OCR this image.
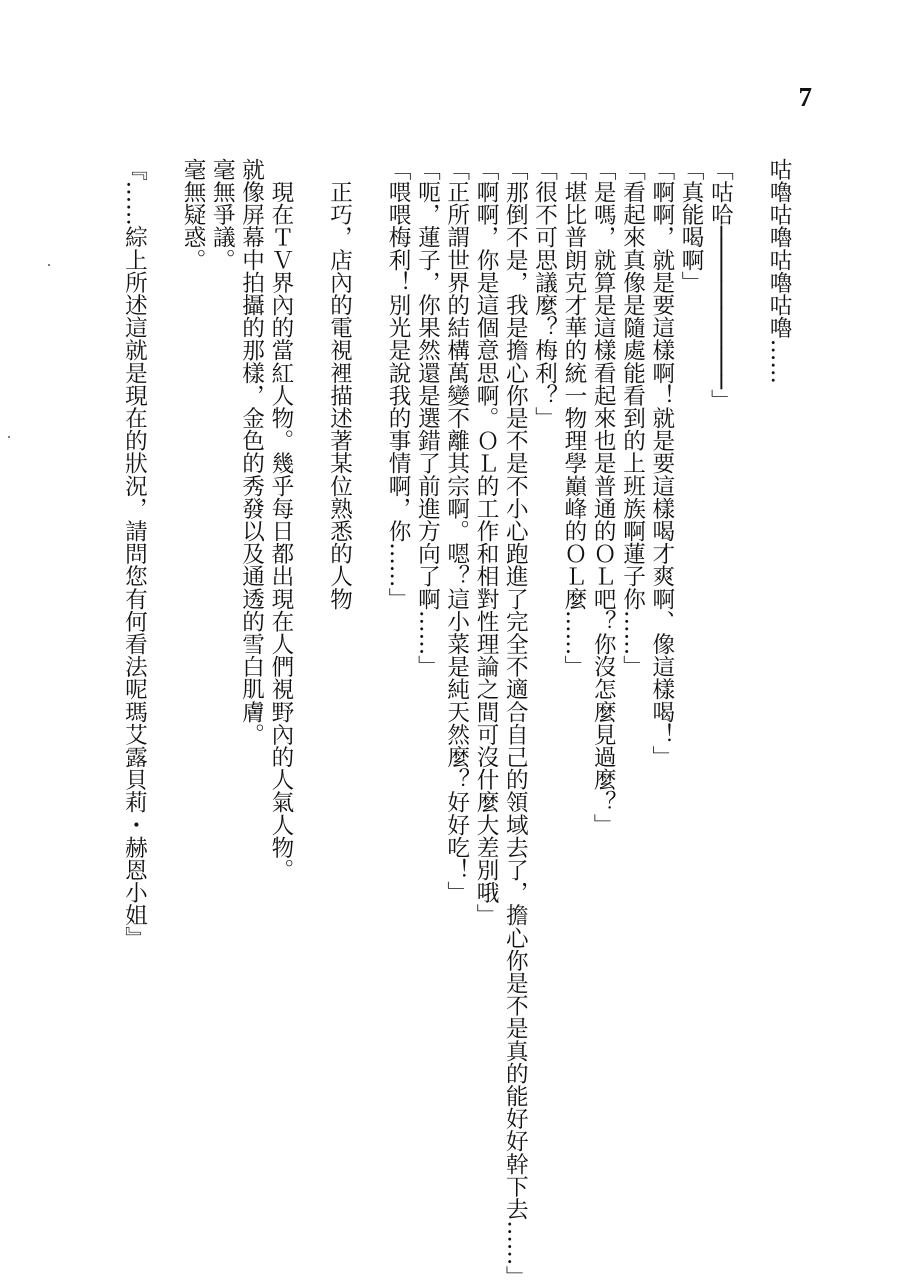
7
咕嚕咕嚕咕嚕咕嚕……
「咕哈────────────」
「真能喝啊」
「啊啊，就是要這樣啊！就是要這樣喝才爽啊、像這樣喝！」
「看起來真像是隨處能看到的上班族啊蓮子你……」
「是嗎，就算是這樣看起來也是普通的ＯＬ吧？你沒怎麼見過麼？」
「堪比普朗克才華的統一物理學巔峰的ＯＬ麼……」
「很不可思議麼？梅利？」
「那倒不是，我是擔心你是不是不小心跑進了完全不適合自己的領域去了，擔心你是不是真的能好好幹下去……」
「啊啊，你是這個意思啊。ＯＬ的工作和相對性理論之間可沒什麼大差別哦」
「正所謂世界的結構萬變不離其宗啊。嗯？這小菜是純天然麼？好好吃！」
「呃，蓮子，你果然還是選錯了前進方向了啊……」
「喂喂梅利！別光是說我的事情啊，你……」
　正巧，店內的電視裡描述著某位熟悉的人物
　現在ＴＶ界內的當紅人物。幾乎每日都出現在人們視野內的人氣人物。
就像屏幕中拍攝的那樣，金色的秀發以及通透的雪白肌膚。
毫無爭議。
毫無疑惑。
『……綜上所述這就是現在的狀況，請問您有何看法呢瑪艾露貝莉・赫恩小姐』
